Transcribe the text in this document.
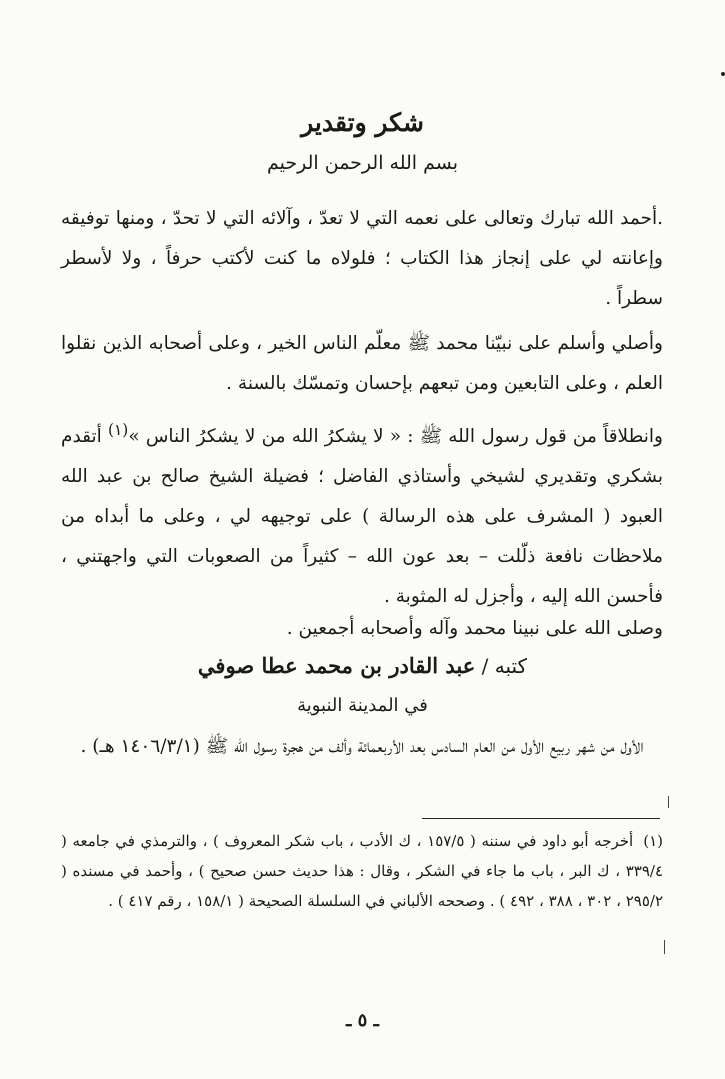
شكر وتقدير
بسم الله الرحمن الرحيم

.أحمد الله تبارك وتعالى على نعمه التي لا تعدّ ، وآلائه التي لا تحدّ ، ومنها توفيقه وإعانته لي على إنجاز هذا الكتاب ؛ فلولاه ما كنت لأكتب حرفاً ، ولا لأسطر سطراً .

وأصلي وأسلم على نبيّنا محمد ﷺ معلّم الناس الخير ، وعلى أصحابه الذين نقلوا العلم ، وعلى التابعين ومن تبعهم بإحسان وتمسّك بالسنة .

وانطلاقاً من قول رسول الله ﷺ : « لا يشكرُ الله من لا يشكرُ الناس »$^{(١)}$ أتقدم بشكري وتقديري لشيخي وأستاذي الفاضل ؛ فضيلة الشيخ صالح بن عبد الله العبود ( المشرف على هذه الرسالة ) على توجيهه لي ، وعلى ما أبداه من ملاحظات نافعة ذلّلت – بعد عون الله – كثيراً من الصعوبات التي واجهتني ، فأحسن الله إليه ، وأجزل له المثوبة .

وصلى الله على نبينا محمد وآله وأصحابه أجمعين .

كتبه / عبد القادر بن محمد عطا صوفي
في المدينة النبوية

الأول من شهر ربيع الأول من العام السادس بعد الأربعمائة وألف من هجرة رسول الله ﷺ (١٤٠٦/٣/١ هـ) .

(١)أخرجه أبو داود في سننه ( ١٥٧/٥ ، ك الأدب ، باب شكر المعروف ) ، والترمذي في جامعه ( ٣٣٩/٤ ، ك البر ، باب ما جاء في الشكر ، وقال : هذا حديث حسن صحيح ) ، وأحمد في مسنده ( ٢٩٥/٢ ، ٣٠٢ ، ٣٨٨ ، ٤٩٢ ) . وصححه الألباني في السلسلة الصحيحة ( ١٥٨/١ ، رقم ٤١٧ ) .

ـ ٥ ـ
